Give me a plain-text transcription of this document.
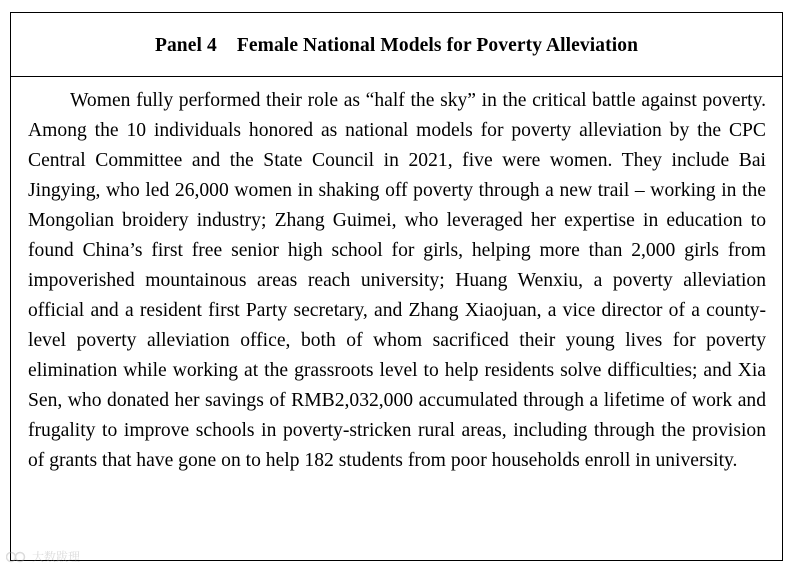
Panel 4 Female National Models for Poverty Alleviation

Women fully performed their role as “half the sky” in the critical battle against poverty. Among the 10 individuals honored as national models for poverty alleviation by the CPC Central Committee and the State Council in 2021, five were women. They include Bai Jingying, who led 26,000 women in shaking off poverty through a new trail – working in the Mongolian broidery industry; Zhang Guimei, who leveraged her expertise in education to found China’s first free senior high school for girls, helping more than 2,000 girls from impoverished mountainous areas reach university; Huang Wenxiu, a poverty alleviation official and a resident first Party secretary, and Zhang Xiaojuan, a vice director of a county-level poverty alleviation office, both of whom sacrificed their young lives for poverty elimination while working at the grassroots level to help residents solve difficulties; and Xia Sen, who donated her savings of RMB2,032,000 accumulated through a lifetime of work and frugality to improve schools in poverty-stricken rural areas, including through the provision of grants that have gone on to help 182 students from poor households enroll in university.

大数跋理
